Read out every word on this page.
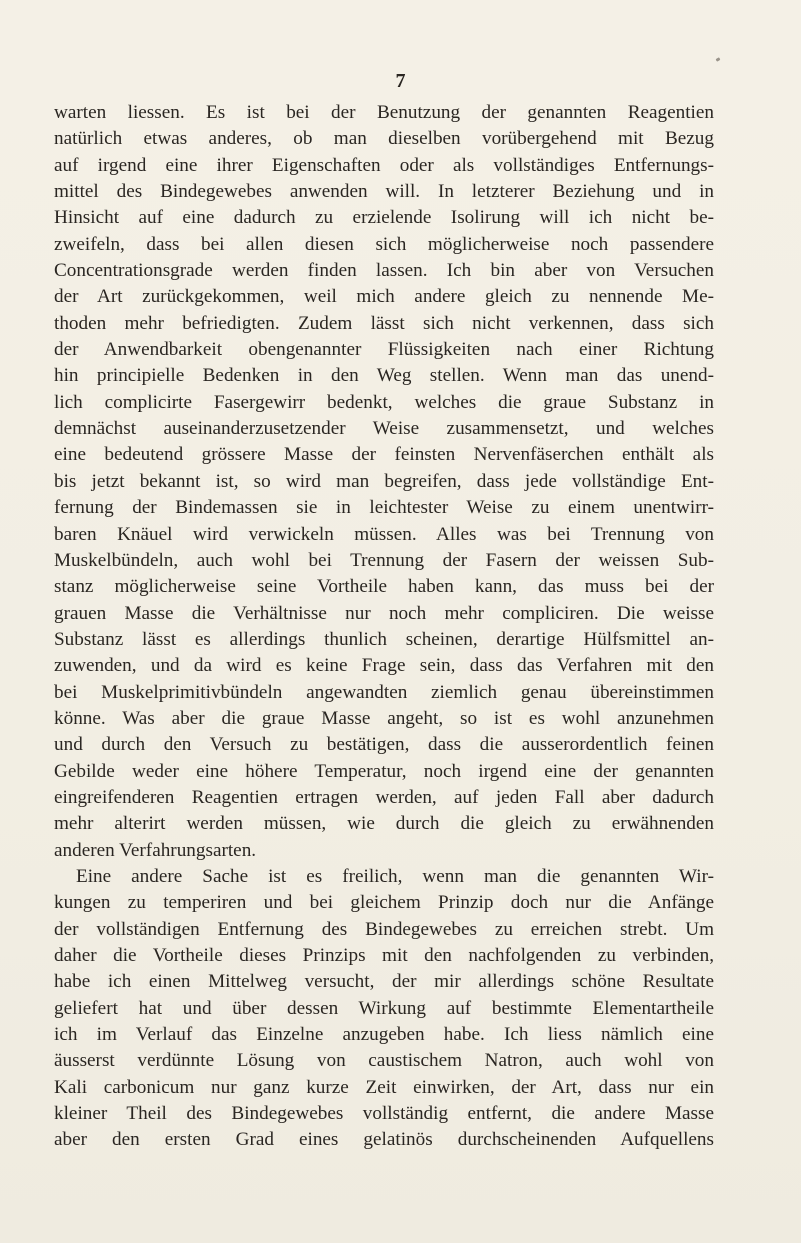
7
warten liessen. Es ist bei der Benutzung der genannten Reagentien
natürlich etwas anderes, ob man dieselben vorübergehend mit Bezug
auf irgend eine ihrer Eigenschaften oder als vollständiges Entfernungs-
mittel des Bindegewebes anwenden will. In letzterer Beziehung und in
Hinsicht auf eine dadurch zu erzielende Isolirung will ich nicht be-
zweifeln, dass bei allen diesen sich möglicherweise noch passendere
Concentrationsgrade werden finden lassen. Ich bin aber von Versuchen
der Art zurückgekommen, weil mich andere gleich zu nennende Me-
thoden mehr befriedigten. Zudem lässt sich nicht verkennen, dass sich
der Anwendbarkeit obengenannter Flüssigkeiten nach einer Richtung
hin principielle Bedenken in den Weg stellen. Wenn man das unend-
lich complicirte Fasergewirr bedenkt, welches die graue Substanz in
demnächst auseinanderzusetzender Weise zusammensetzt, und welches
eine bedeutend grössere Masse der feinsten Nervenfäserchen enthält als
bis jetzt bekannt ist, so wird man begreifen, dass jede vollständige Ent-
fernung der Bindemassen sie in leichtester Weise zu einem unentwirr-
baren Knäuel wird verwickeln müssen. Alles was bei Trennung von
Muskelbündeln, auch wohl bei Trennung der Fasern der weissen Sub-
stanz möglicherweise seine Vortheile haben kann, das muss bei der
grauen Masse die Verhältnisse nur noch mehr compliciren. Die weisse
Substanz lässt es allerdings thunlich scheinen, derartige Hülfsmittel an-
zuwenden, und da wird es keine Frage sein, dass das Verfahren mit den
bei Muskelprimitivbündeln angewandten ziemlich genau übereinstimmen
könne. Was aber die graue Masse angeht, so ist es wohl anzunehmen
und durch den Versuch zu bestätigen, dass die ausserordentlich feinen
Gebilde weder eine höhere Temperatur, noch irgend eine der genannten
eingreifenderen Reagentien ertragen werden, auf jeden Fall aber dadurch
mehr alterirt werden müssen, wie durch die gleich zu erwähnenden
anderen Verfahrungsarten.
Eine andere Sache ist es freilich, wenn man die genannten Wir-
kungen zu temperiren und bei gleichem Prinzip doch nur die Anfänge
der vollständigen Entfernung des Bindegewebes zu erreichen strebt. Um
daher die Vortheile dieses Prinzips mit den nachfolgenden zu verbinden,
habe ich einen Mittelweg versucht, der mir allerdings schöne Resultate
geliefert hat und über dessen Wirkung auf bestimmte Elementartheile
ich im Verlauf das Einzelne anzugeben habe. Ich liess nämlich eine
äusserst verdünnte Lösung von caustischem Natron, auch wohl von
Kali carbonicum nur ganz kurze Zeit einwirken, der Art, dass nur ein
kleiner Theil des Bindegewebes vollständig entfernt, die andere Masse
aber den ersten Grad eines gelatinös durchscheinenden Aufquellens
